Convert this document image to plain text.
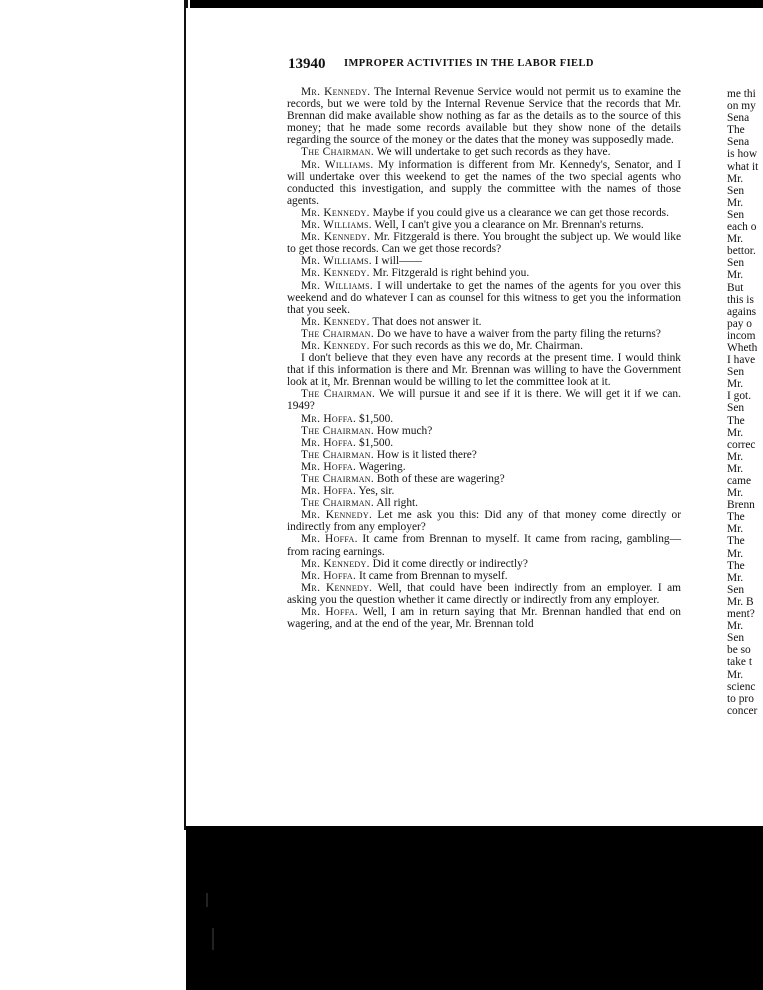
13940 IMPROPER ACTIVITIES IN THE LABOR FIELD

Mr. Kennedy. The Internal Revenue Service would not permit us to examine the records, but we were told by the Internal Revenue Service that the records that Mr. Brennan did make available show nothing as far as the details as to the source of this money; that he made some records available but they show none of the details regarding the source of the money or the dates that the money was supposedly made.

The Chairman. We will undertake to get such records as they have.

Mr. Williams. My information is different from Mr. Kennedy's, Senator, and I will undertake over this weekend to get the names of the two special agents who conducted this investigation, and supply the committee with the names of those agents.

Mr. Kennedy. Maybe if you could give us a clearance we can get those records.

Mr. Williams. Well, I can't give you a clearance on Mr. Brennan's returns.

Mr. Kennedy. Mr. Fitzgerald is there. You brought the subject up. We would like to get those records. Can we get those records?

Mr. Williams. I will——

Mr. Kennedy. Mr. Fitzgerald is right behind you.

Mr. Williams. I will undertake to get the names of the agents for you over this weekend and do whatever I can as counsel for this witness to get you the information that you seek.

Mr. Kennedy. That does not answer it.

The Chairman. Do we have to have a waiver from the party filing the returns?

Mr. Kennedy. For such records as this we do, Mr. Chairman.

I don't believe that they even have any records at the present time. I would think that if this information is there and Mr. Brennan was willing to have the Government look at it, Mr. Brennan would be willing to let the committee look at it.

The Chairman. We will pursue it and see if it is there. We will get it if we can. 1949?

Mr. Hoffa. $1,500.

The Chairman. How much?

Mr. Hoffa. $1,500.

The Chairman. How is it listed there?

Mr. Hoffa. Wagering.

The Chairman. Both of these are wagering?

Mr. Hoffa. Yes, sir.

The Chairman. All right.

Mr. Kennedy. Let me ask you this: Did any of that money come directly or indirectly from any employer?

Mr. Hoffa. It came from Brennan to myself. It came from racing, gambling—from racing earnings.

Mr. Kennedy. Did it come directly or indirectly?

Mr. Hoffa. It came from Brennan to myself.

Mr. Kennedy. Well, that could have been indirectly from an employer. I am asking you the question whether it came directly or indirectly from any employer.

Mr. Hoffa. Well, I am in return saying that Mr. Brennan handled that end on wagering, and at the end of the year, Mr. Brennan told

me thi
on my
Sena
The
Sena
is how
what it
Mr.
Sen
Mr.
Sen
each o
Mr.
bettor.
Sen
Mr.
But
this is
agains
pay o
incom
Wheth
I have
Sen
Mr.
I got.
Sen
The
Mr.
correc
Mr.
Mr.
came
Mr.
Brenn
The
Mr.
The
Mr.
The
Mr.
Sen
Mr. B
ment?
Mr.
Sen
be so
take t
Mr.
scienc
to pro
concer
